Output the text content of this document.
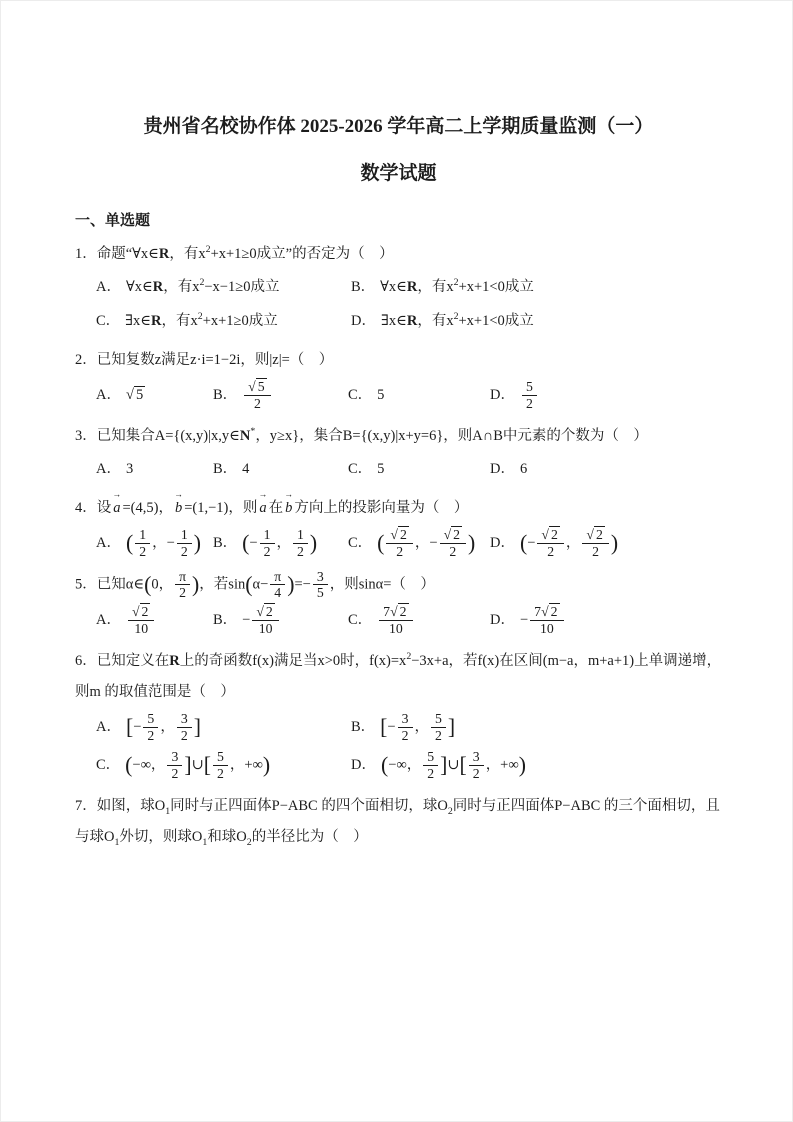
贵州省名校协作体 2025-2026 学年高二上学期质量监测（一）
数学试题
一、单选题

1．命题“∀x∈R，有$x^2+x+1\ge 0$成立”的否定为（　）

A． ∀x∈R，有$x^2-x-1\ge 0$成立	B． ∀x∈R，有$x^2+x+1<0$成立
C． ∃x∈R，有$x^2+x+1\ge 0$成立	D． ∃x∈R，有$x^2+x+1<0$成立

2．已知复数z满足z·i=1−2i，则|z|=（　）

A． √ 5	B． $\frac{√ 5}{2}$	C． 5	D． $\frac{5}{2}$

3．已知集合A={(x,y)|x,y∈N*，y≥x}，集合B={(x,y)|x+y=6}，则A∩B中元素的个数为（　）

A． 3	B． 4	C． 5	D． 6

4．设 → a =(4,5)， → b =(1,−1)，则 → a 在 → b 方向上的投影向量为（　）

A． ( $\frac{1}{2}$ ，− $\frac{1}{2}$ ) B． (− $\frac{1}{2}$ ， $\frac{1}{2}$ )	C． ( $\frac{√ 2}{2}$ ，− $\frac{√ 2}{2}$ )	D． (− $\frac{√ 2}{2}$ ， $\frac{√ 2}{2}$ )

5．已知α∈(0， $\frac{\pi}{2}$ )，若$\sin(\alpha- \frac{\pi}{4}$ )=− $\frac{3}{5}$ ，则sinα=（　）

A． $\frac{√ 2}{10}$	B． − $\frac{√ 2}{10}$	C． $\frac{7√ 2}{10}$	D． − $\frac{7√ 2}{10}$

6．已知定义在R上的奇函数f(x)满足当x>0时，$f(x)=x^2-3x+a$，若f(x)在区间(m−a，m+a+1)上单调递增，则m 的取值范围是（　）

A． [− $\frac{5}{2}$ ， $\frac{3}{2}$ ]	B． [− $\frac{3}{2}$ ， $\frac{5}{2}$ ]
C． (−∞， $\frac{3}{2}$ ]∪[ $\frac{5}{2}$ ，+∞)	D． (−∞， $\frac{5}{2}$ ]∪[ $\frac{3}{2}$ ，+∞)

7．如图，球$O_1$同时与正四面体P−ABC 的四个面相切，球$O_2$同时与正四面体P−ABC 的三个面相切，且与球$O_1$外切，则球$O_1$和球$O_2$的半径比为（　）
